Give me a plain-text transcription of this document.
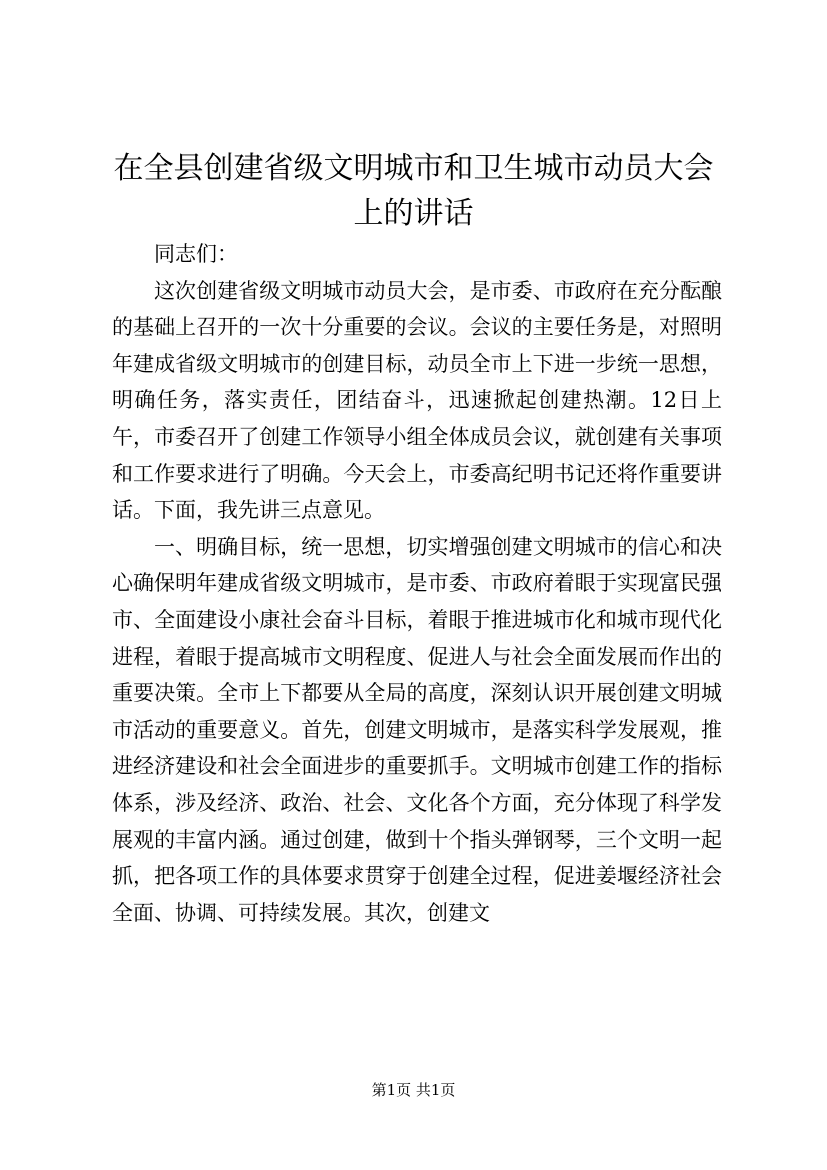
在全县创建省级文明城市和卫生城市动员大会上的讲话

同志们：

这次创建省级文明城市动员大会，是市委、市政府在充分酝酿的基础上召开的一次十分重要的会议。会议的主要任务是，对照明年建成省级文明城市的创建目标，动员全市上下进一步统一思想，明确任务，落实责任，团结奋斗，迅速掀起创建热潮。12日上午，市委召开了创建工作领导小组全体成员会议，就创建有关事项和工作要求进行了明确。今天会上，市委高纪明书记还将作重要讲话。下面，我先讲三点意见。

一、明确目标，统一思想，切实增强创建文明城市的信心和决心确保明年建成省级文明城市，是市委、市政府着眼于实现富民强市、全面建设小康社会奋斗目标，着眼于推进城市化和城市现代化进程，着眼于提高城市文明程度、促进人与社会全面发展而作出的重要决策。全市上下都要从全局的高度，深刻认识开展创建文明城市活动的重要意义。首先，创建文明城市，是落实科学发展观，推进经济建设和社会全面进步的重要抓手。文明城市创建工作的指标体系，涉及经济、政治、社会、文化各个方面，充分体现了科学发展观的丰富内涵。通过创建，做到十个指头弹钢琴，三个文明一起抓，把各项工作的具体要求贯穿于创建全过程，促进姜堰经济社会全面、协调、可持续发展。其次，创建文

第1页 共1页
